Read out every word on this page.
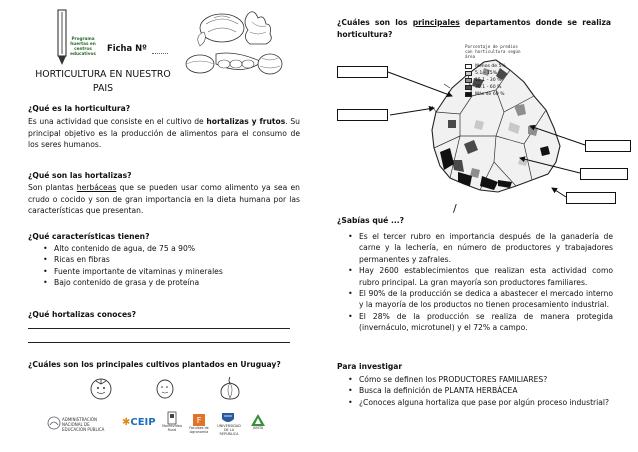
Programa huertas en centros educativos
Ficha Nº
HORTICULTURA EN NUESTRO PAIS
¿Qué es la horticultura?
Es una actividad que consiste en el cultivo de hortalizas y frutos. Su principal objetivo es la producción de alimentos para el consumo de los seres humanos.
¿Qué son las hortalizas?
Son plantas herbáceas que se pueden usar como alimento ya sea en crudo o cocido y son de gran importancia en la dieta humana por las características que presentan.
¿Qué características tienen?
• Alto contenido de agua, de 75 a 90%
• Ricas en fibras
• Fuente importante de vitaminas y minerales
• Bajo contenido de grasa y de proteína
¿Qué hortalizas conoces?
¿Cuáles son los principales cultivos plantados en Uruguay?
ADMINISTRACIÓN NACIONAL DE EDUCACIÓN PÚBLICA
✱CEIP	Montevideo Rural
F
Facultad de Agronomía
UNIVERSIDAD DE LA REPÚBLICA
JUNTA
¿Cuáles son los principales departamentos donde se realiza horticultura?
Porcentaje de predios con horticultura según área
Menos de 5%
5.1 - 15%
15.1 - 30 %
30.1 - 60 %
Más de 60 %
/
¿Sabías qué ...?
• Es el tercer rubro en importancia después de la ganadería de carne y la lechería, en número de productores y trabajadores permanentes y zafrales.
• Hay 2600 establecimientos que realizan esta actividad como rubro principal. La gran mayoría son productores familiares.
• El 90% de la producción se dedica a abastecer el mercado interno y la mayoría de los productos no tienen procesamiento industrial.
• El 28% de la producción se realiza de manera protegida (invernáculo, microtunel) y el 72% a campo.
Para investigar
• Cómo se definen los PRODUCTORES FAMILIARES?
• Busca la definición de PLANTA HERBÁCEA
• ¿Conoces alguna hortaliza que pase por algún proceso industrial?
